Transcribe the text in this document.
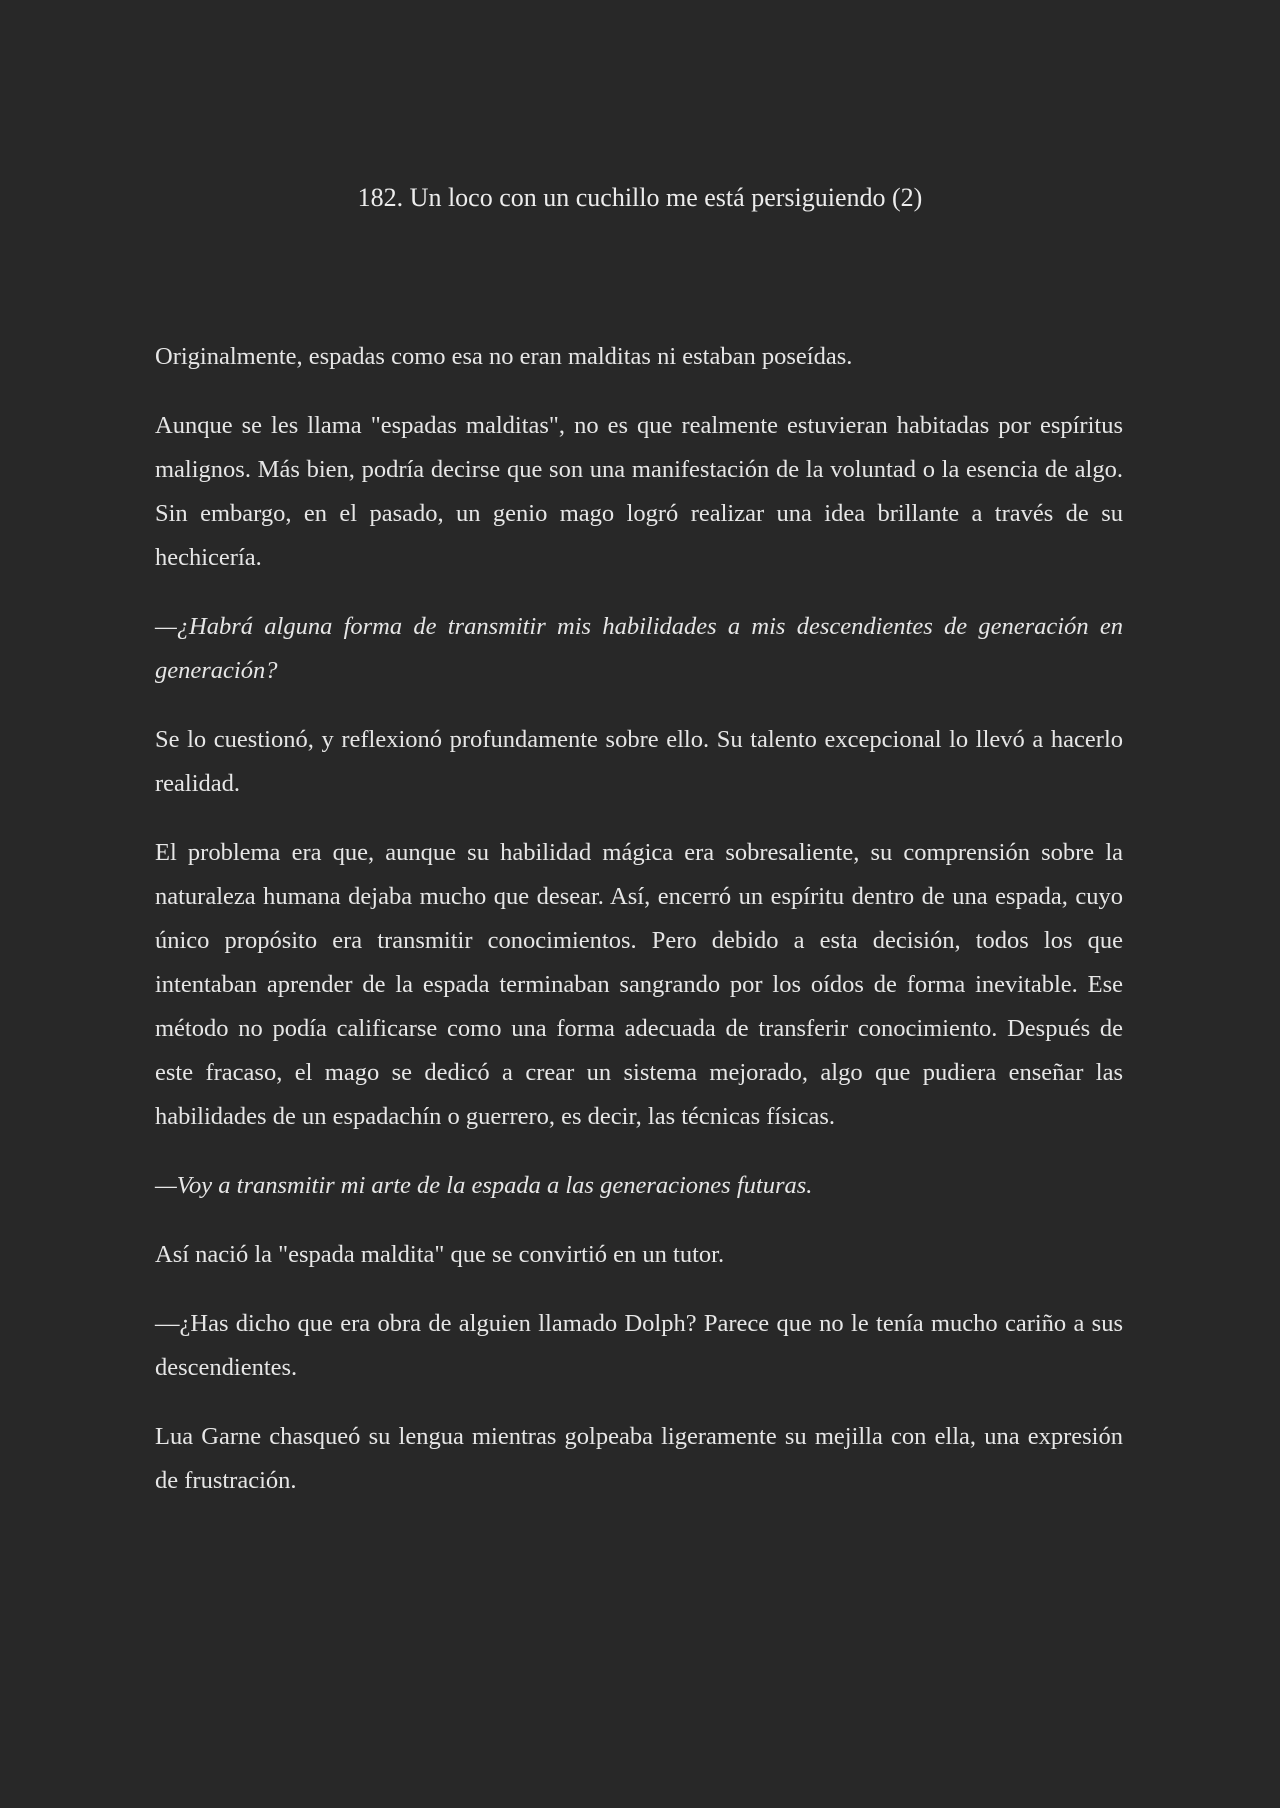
182. Un loco con un cuchillo me está persiguiendo (2)

Originalmente, espadas como esa no eran malditas ni estaban poseídas.

Aunque se les llama "espadas malditas", no es que realmente estuvieran habitadas por espíritus malignos. Más bien, podría decirse que son una manifestación de la voluntad o la esencia de algo. Sin embargo, en el pasado, un genio mago logró realizar una idea brillante a través de su hechicería.

—¿Habrá alguna forma de transmitir mis habilidades a mis descendientes de generación en generación?

Se lo cuestionó, y reflexionó profundamente sobre ello. Su talento excepcional lo llevó a hacerlo realidad.

El problema era que, aunque su habilidad mágica era sobresaliente, su comprensión sobre la naturaleza humana dejaba mucho que desear. Así, encerró un espíritu dentro de una espada, cuyo único propósito era transmitir conocimientos. Pero debido a esta decisión, todos los que intentaban aprender de la espada terminaban sangrando por los oídos de forma inevitable. Ese método no podía calificarse como una forma adecuada de transferir conocimiento. Después de este fracaso, el mago se dedicó a crear un sistema mejorado, algo que pudiera enseñar las habilidades de un espadachín o guerrero, es decir, las técnicas físicas.

—Voy a transmitir mi arte de la espada a las generaciones futuras.

Así nació la "espada maldita" que se convirtió en un tutor.

—¿Has dicho que era obra de alguien llamado Dolph? Parece que no le tenía mucho cariño a sus descendientes.

Lua Garne chasqueó su lengua mientras golpeaba ligeramente su mejilla con ella, una expresión de frustración.
